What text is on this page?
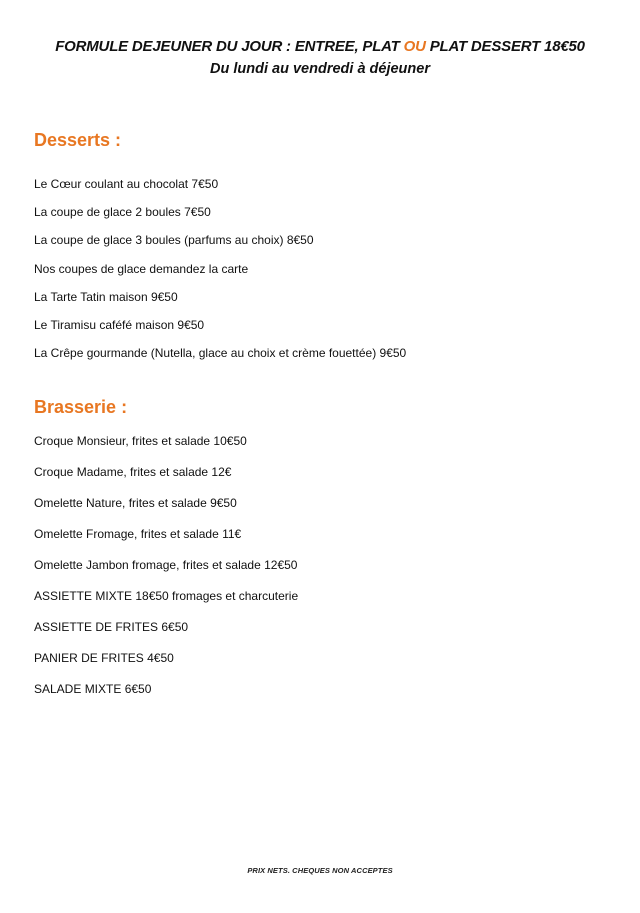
FORMULE DEJEUNER DU JOUR : ENTREE, PLAT OU PLAT DESSERT 18€50
Du lundi au vendredi à déjeuner
Desserts :
Le Cœur coulant au chocolat 7€50
La coupe de glace 2 boules 7€50
La coupe de glace 3 boules (parfums au choix) 8€50
Nos coupes de glace demandez la carte
La Tarte Tatin maison 9€50
Le Tiramisu caféfé maison 9€50
La Crêpe gourmande (Nutella, glace au choix et crème fouettée) 9€50
Brasserie :
Croque Monsieur, frites et salade 10€50
Croque Madame, frites et salade 12€
Omelette Nature, frites et salade 9€50
Omelette Fromage, frites et salade 11€
Omelette Jambon fromage, frites et salade 12€50
ASSIETTE MIXTE 18€50 fromages et charcuterie
ASSIETTE DE FRITES 6€50
PANIER DE FRITES 4€50
SALADE MIXTE 6€50
PRIX NETS. CHEQUES NON ACCEPTES
